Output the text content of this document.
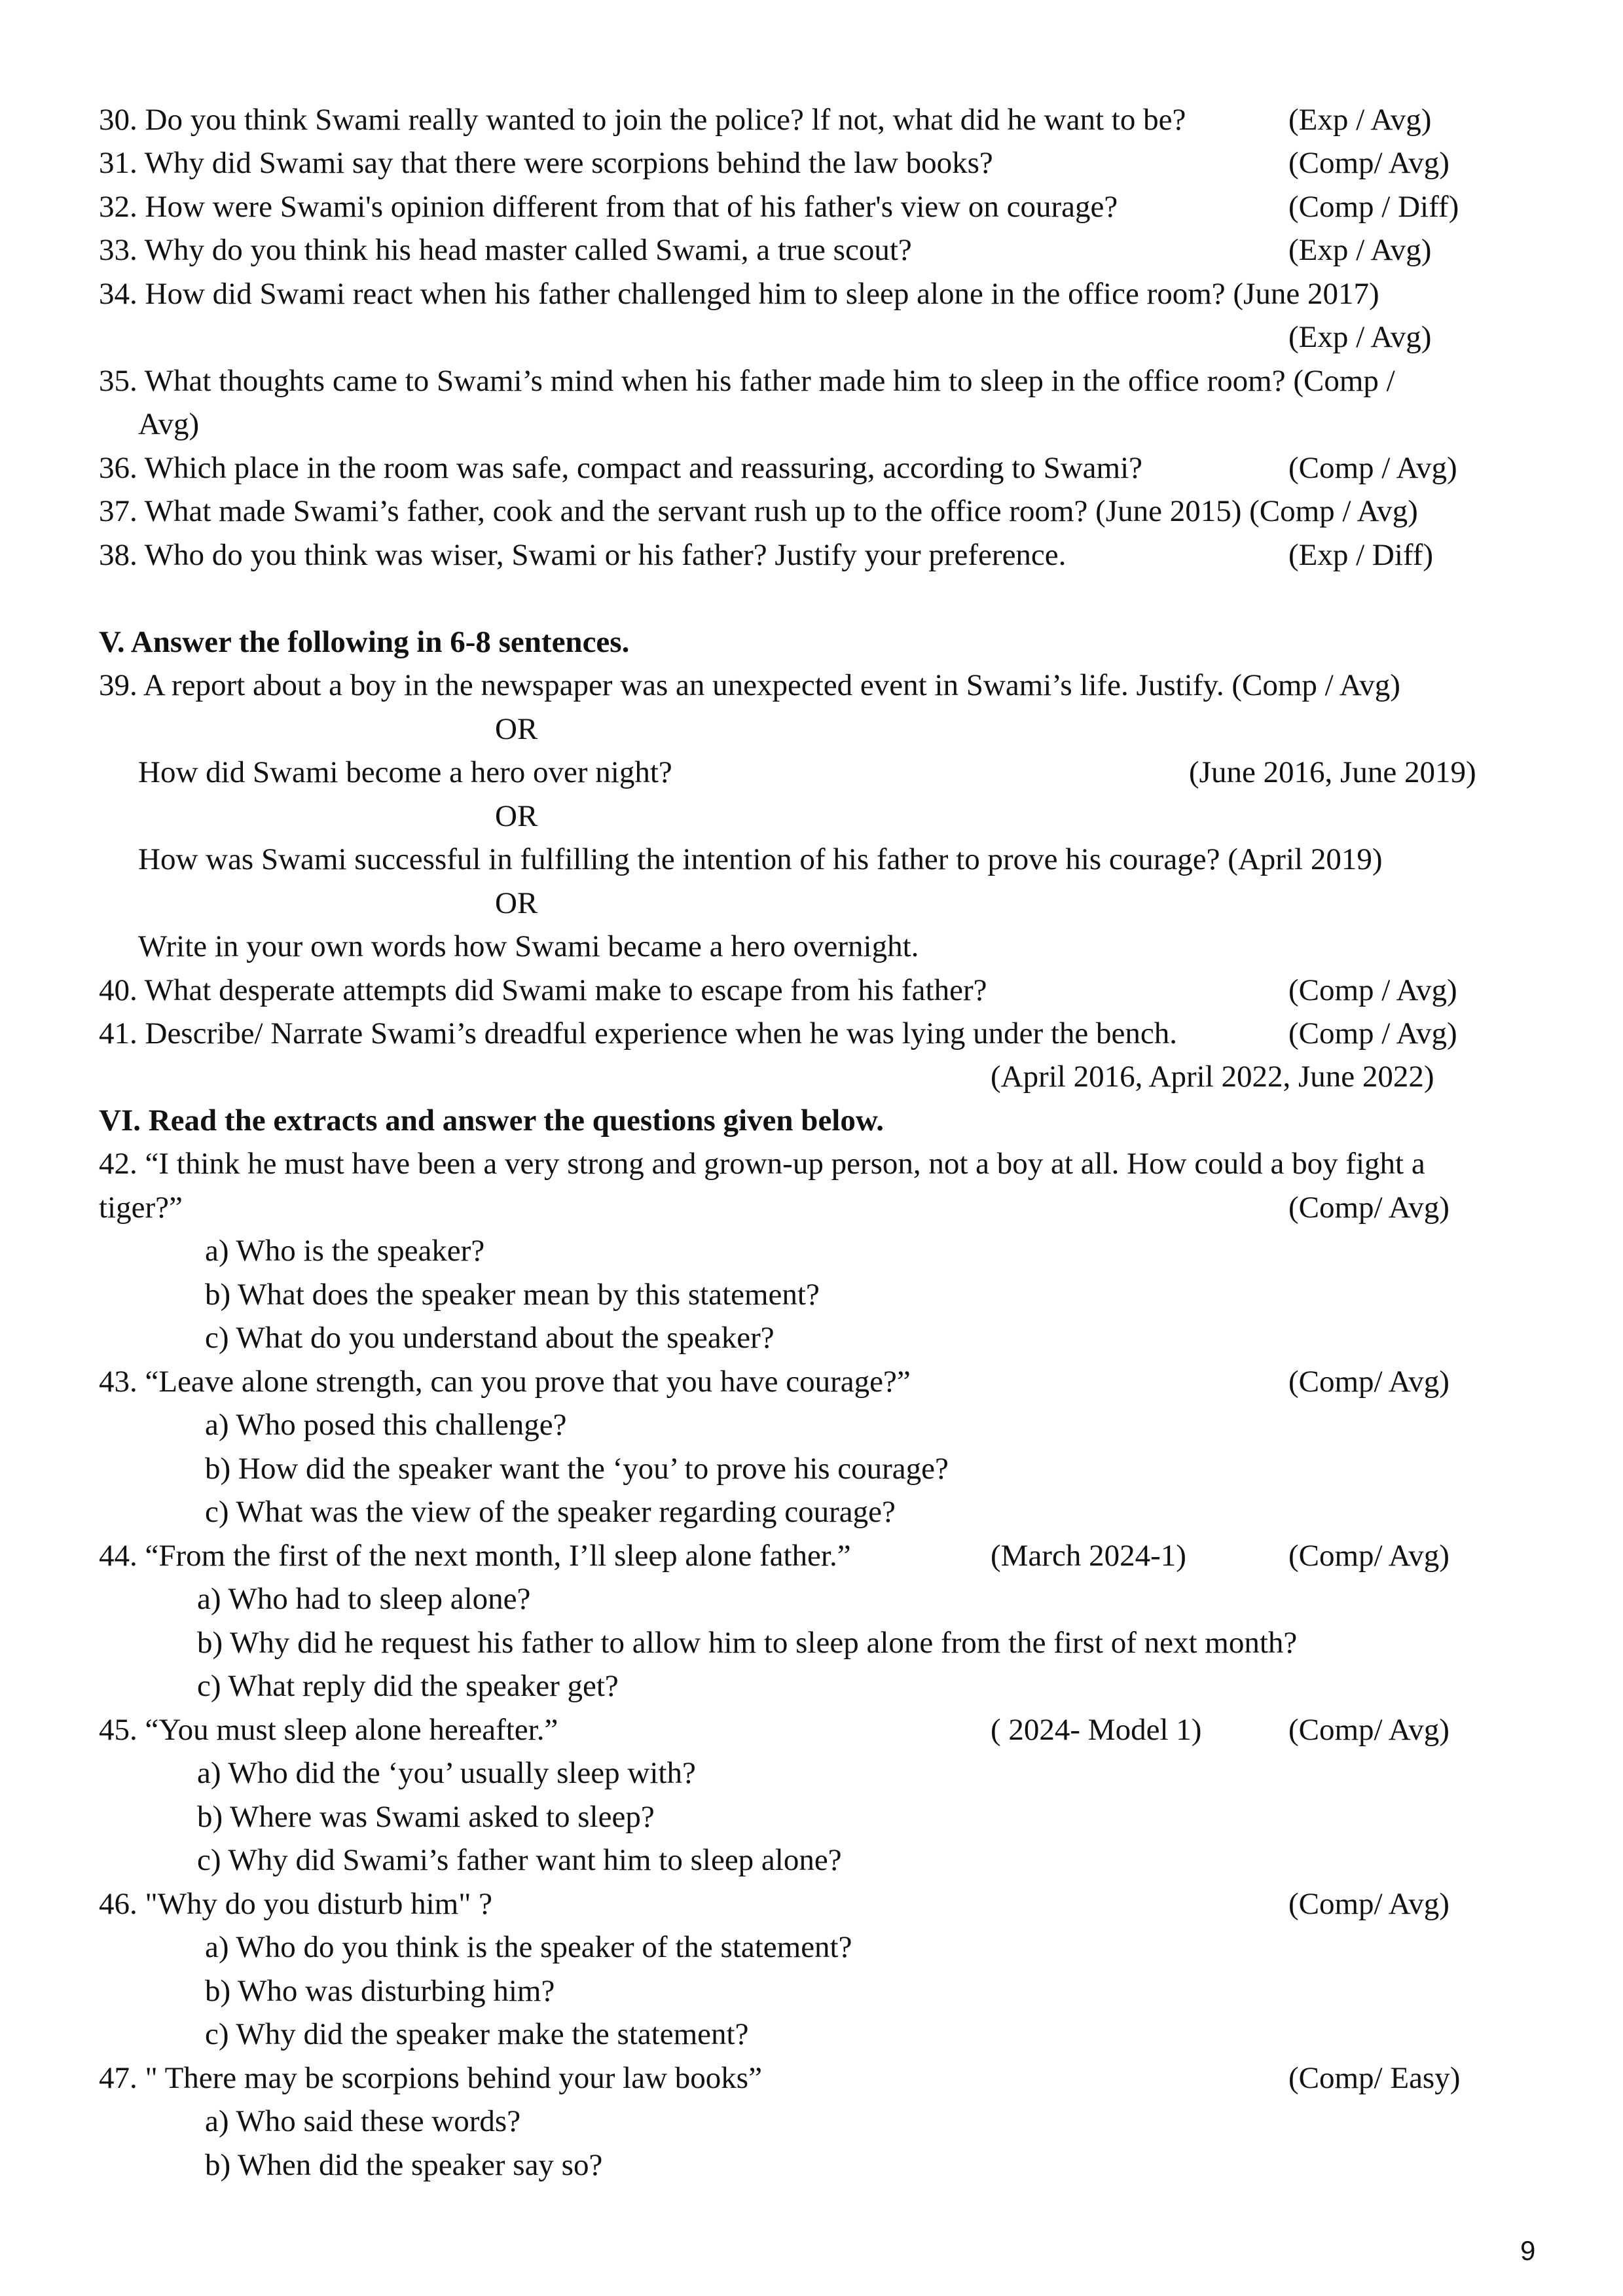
30. Do you think Swami really wanted to join the police? lf not, what did he want to be?	(Exp / Avg)
31. Why did Swami say that there were scorpions behind the law books?	(Comp/ Avg)
32. How were Swami's opinion different from that of his father's view on courage?	(Comp / Diff)
33. Why do you think his head master called Swami, a true scout?	(Exp / Avg)
34. How did Swami react when his father challenged him to sleep alone in the office room? (June 2017)
(Exp / Avg)
35. What thoughts came to Swami’s mind when his father made him to sleep in the office room? (Comp /
Avg)
36. Which place in the room was safe, compact and reassuring, according to Swami?	(Comp / Avg)
37. What made Swami’s father, cook and the servant rush up to the office room? (June 2015) (Comp / Avg)
38. Who do you think was wiser, Swami or his father? Justify your preference.	(Exp / Diff)
V. Answer the following in 6-8 sentences.
39. A report about a boy in the newspaper was an unexpected event in Swami’s life. Justify. (Comp / Avg)
OR
How did Swami become a hero over night?	(June 2016, June 2019)
OR
How was Swami successful in fulfilling the intention of his father to prove his courage? (April 2019)
OR
Write in your own words how Swami became a hero overnight.
40. What desperate attempts did Swami make to escape from his father?	(Comp / Avg)
41. Describe/ Narrate Swami’s dreadful experience when he was lying under the bench.	(Comp / Avg)
(April 2016, April 2022, June 2022)
VI. Read the extracts and answer the questions given below.
42. “I think he must have been a very strong and grown-up person, not a boy at all. How could a boy fight a
tiger?”	(Comp/ Avg)
a) Who is the speaker?
b) What does the speaker mean by this statement?
c) What do you understand about the speaker?
43. “Leave alone strength, can you prove that you have courage?”	(Comp/ Avg)
a) Who posed this challenge?
b) How did the speaker want the ‘you’ to prove his courage?
c) What was the view of the speaker regarding courage?
44. “From the first of the next month, I’ll sleep alone father.”	(March 2024-1)	(Comp/ Avg)
a) Who had to sleep alone?
b) Why did he request his father to allow him to sleep alone from the first of next month?
c) What reply did the speaker get?
45. “You must sleep alone hereafter.”	( 2024- Model 1)	(Comp/ Avg)
a) Who did the ‘you’ usually sleep with?
b) Where was Swami asked to sleep?
c) Why did Swami’s father want him to sleep alone?
46. "Why do you disturb him" ?	(Comp/ Avg)
a) Who do you think is the speaker of the statement?
b) Who was disturbing him?
c) Why did the speaker make the statement?
47. " There may be scorpions behind your law books”	(Comp/ Easy)
a) Who said these words?
b) When did the speaker say so?
9
